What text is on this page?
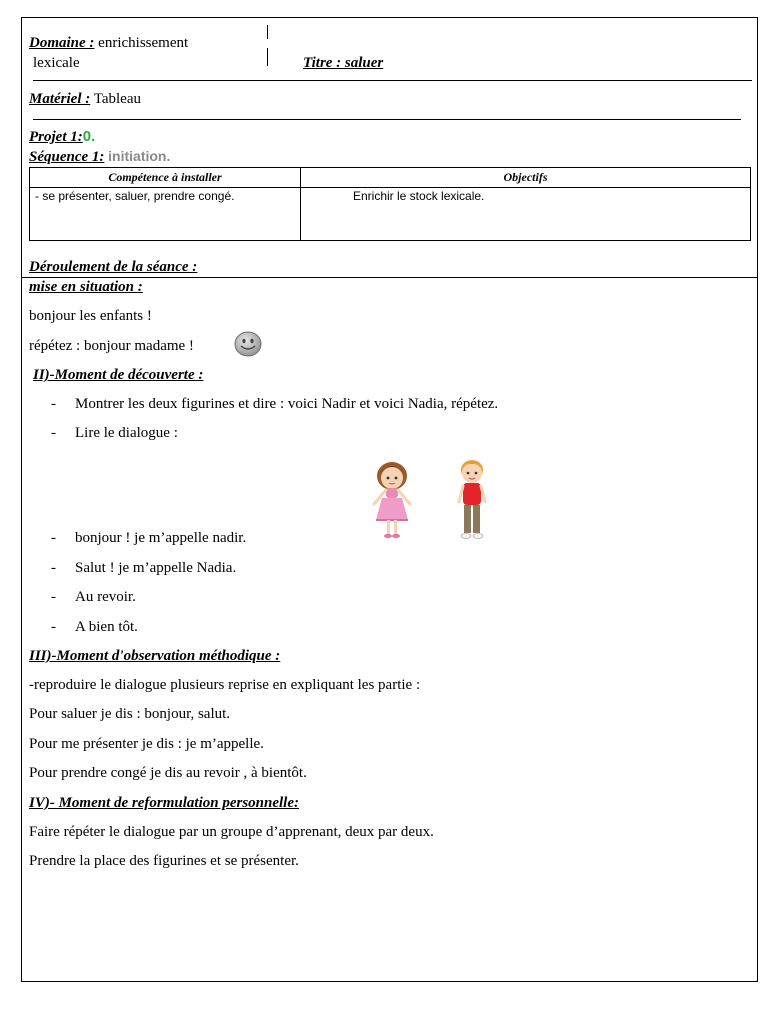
Domaine : enrichissement
lexicale	Titre : saluer
Matériel : Tableau
Projet 1:0.
Séquence 1: initiation.
Compétence à installer	Objectifs
- se présenter, saluer, prendre congé.	Enrichir le stock lexicale.
Déroulement de la séance :
mise en situation :
bonjour les enfants !
répétez : bonjour madame !
II)-Moment de découverte :
- Montrer les deux figurines et dire : voici Nadir et voici Nadia, répétez.
- Lire le dialogue :
- bonjour ! je m’appelle nadir.
- Salut ! je m’appelle Nadia.
- Au revoir.
- A bien tôt.
III)-Moment d'observation méthodique :
-reproduire le dialogue plusieurs reprise en expliquant les partie :
Pour saluer je dis : bonjour, salut.
Pour me présenter je dis : je m’appelle.
Pour prendre congé je dis au revoir , à bientôt.
IV)- Moment de reformulation personnelle:
Faire répéter le dialogue par un groupe d’apprenant, deux par deux.
Prendre la place des figurines et se présenter.
